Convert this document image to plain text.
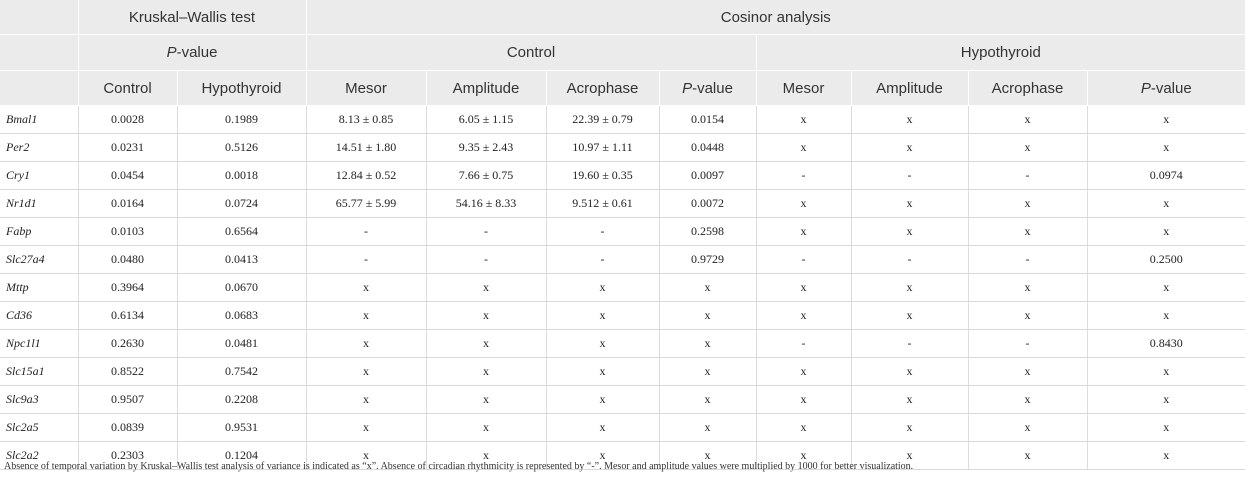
	Kruskal–Wallis test		Cosinor analysis							
	P-value		Control				Hypothyroid			
	Control	Hypothyroid	Mesor	Amplitude	Acrophase	P-value	Mesor	Amplitude	Acrophase	P-value
Bmal1	0.0028	0.1989	8.13 ± 0.85	6.05 ± 1.15	22.39 ± 0.79	0.0154	x	x	x	x
Per2	0.0231	0.5126	14.51 ± 1.80	9.35 ± 2.43	10.97 ± 1.11	0.0448	x	x	x	x
Cry1	0.0454	0.0018	12.84 ± 0.52	7.66 ± 0.75	19.60 ± 0.35	0.0097	-	-	-	0.0974
Nr1d1	0.0164	0.0724	65.77 ± 5.99	54.16 ± 8.33	9.512 ± 0.61	0.0072	x	x	x	x
Fabp	0.0103	0.6564	-	-	-	0.2598	x	x	x	x
Slc27a4	0.0480	0.0413	-	-	-	0.9729	-	-	-	0.2500
Mttp	0.3964	0.0670	x	x	x	x	x	x	x	x
Cd36	0.6134	0.0683	x	x	x	x	x	x	x	x
Npc1l1	0.2630	0.0481	x	x	x	x	-	-	-	0.8430
Slc15a1	0.8522	0.7542	x	x	x	x	x	x	x	x
Slc9a3	0.9507	0.2208	x	x	x	x	x	x	x	x
Slc2a5	0.0839	0.9531	x	x	x	x	x	x	x	x
Slc2a2	0.2303	0.1204	x	x	x	x	x	x	x	x
Absence of temporal variation by Kruskal–Wallis test analysis of variance is indicated as “x”. Absence of circadian rhythmicity is represented by “-”. Mesor and amplitude values were multiplied by 1000 for better visualization.
